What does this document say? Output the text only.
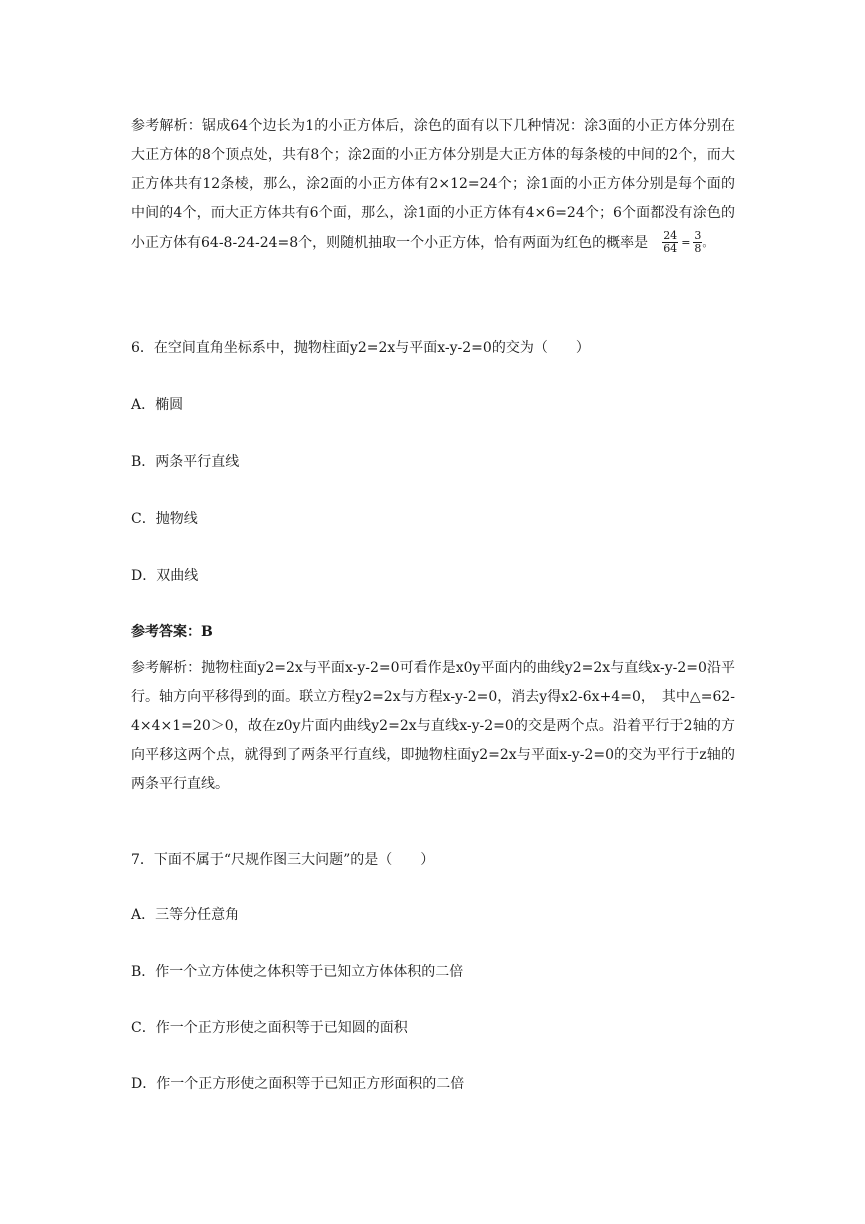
参考解析：锯成64个边长为1的小正方体后，涂色的面有以下几种情况：涂3面的小正方体分别在大正方体的8个顶点处，共有8个；涂2面的小正方体分别是大正方体的每条棱的中间的2个，而大正方体共有12条棱，那么，涂2面的小正方体有2×12=24个；涂1面的小正方体分别是每个面的中间的4个，而大正方体共有6个面，那么，涂1面的小正方体有4×6=24个；6个面都没有涂色的小正方体有64-8-24-24=8个，则随机抽取一个小正方体，恰有两面为红色的概率是 $\frac{24}{64} = \frac{3}{8}$ 。

6．在空间直角坐标系中，抛物柱面y2=2x与平面x-y-2=0的交为（　　）

A．椭圆

B．两条平行直线

C．抛物线

D．双曲线

参考答案：B

参考解析：抛物柱面y2=2x与平面x-y-2=0可看作是x0y平面内的曲线y2=2x与直线x-y-2=0沿平行。轴方向平移得到的面。联立方程y2=2x与方程x-y-2=0，消去y得x2-6x+4=0，　其中△=62-4×4×1=20＞0，故在z0y片面内曲线y2=2x与直线x-y-2=0的交是两个点。沿着平行于2轴的方向平移这两个点，就得到了两条平行直线，即抛物柱面y2=2x与平面x-y-2=0的交为平行于z轴的两条平行直线。

7．下面不属于“尺规作图三大问题”的是（　　）

A．三等分任意角

B．作一个立方体使之体积等于已知立方体体积的二倍

C．作一个正方形使之面积等于已知圆的面积

D．作一个正方形使之面积等于已知正方形面积的二倍
